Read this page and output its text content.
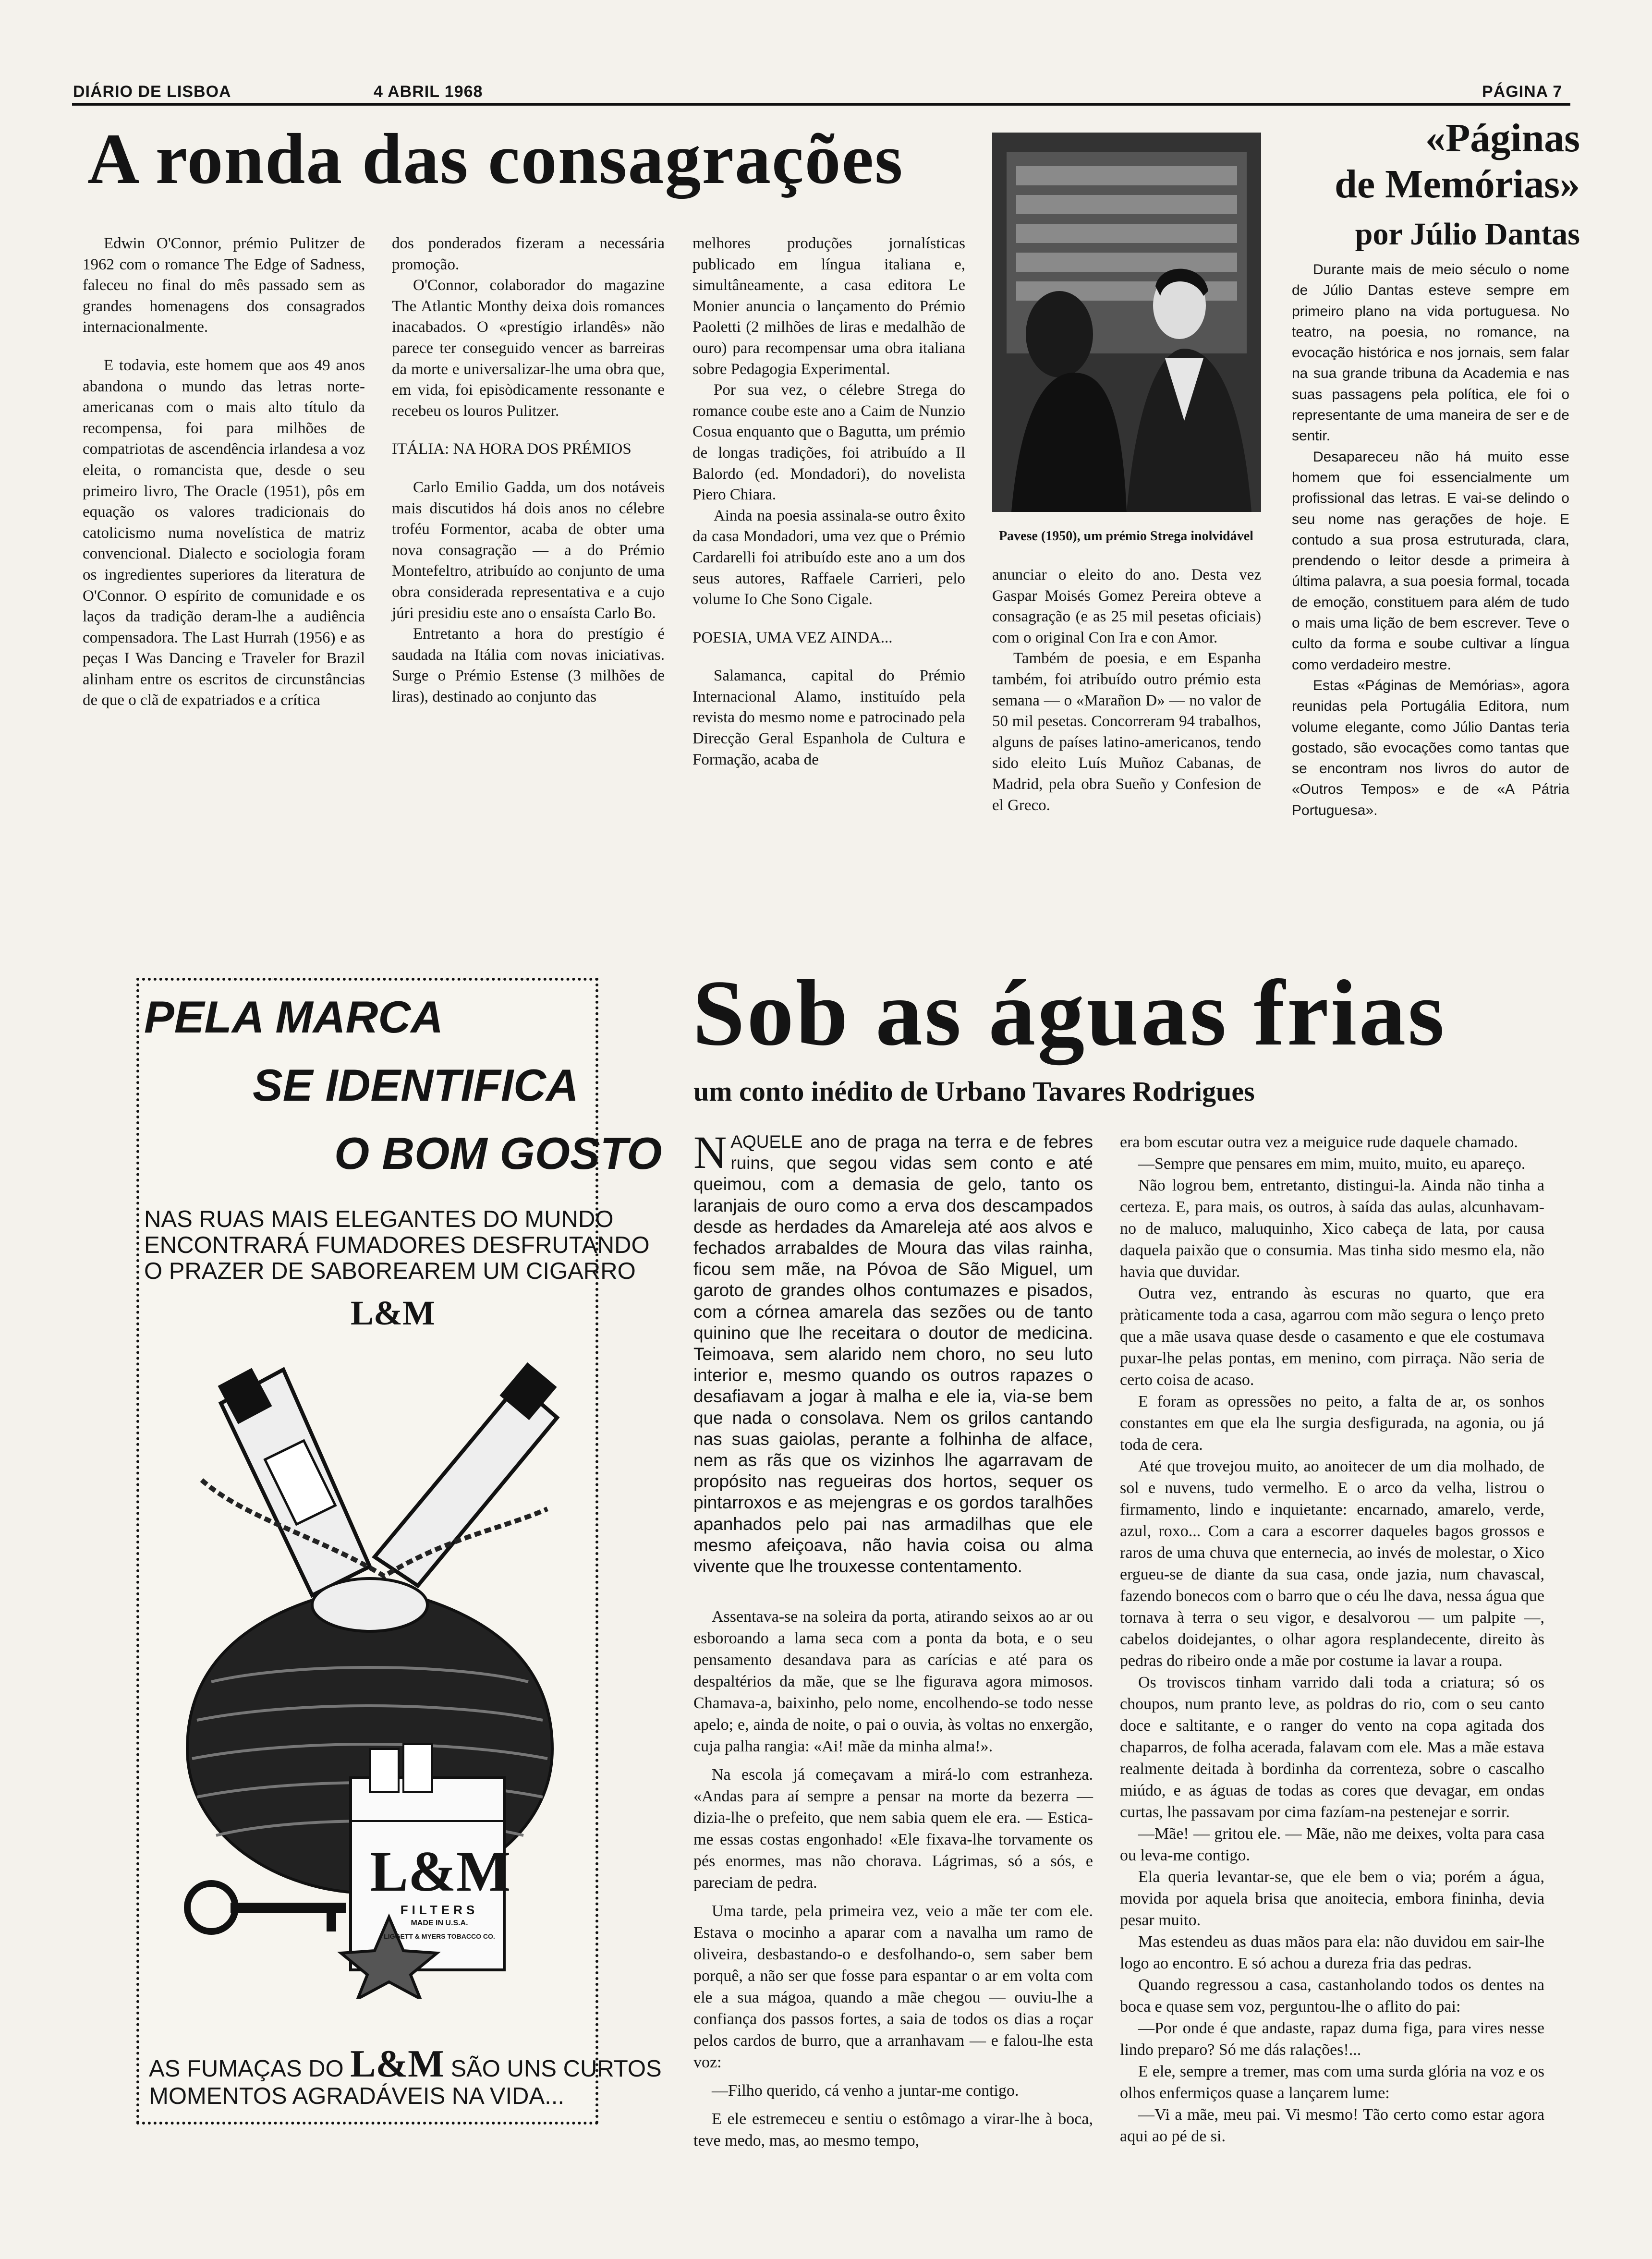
DIÁRIO DE LISBOA	4 ABRIL 1968	PÁGINA 7
A ronda das consagrações

Edwin O'Connor, prémio Pulitzer de 1962 com o romance The Edge of Sadness, faleceu no final do mês passado sem as grandes homenagens dos consagrados internacionalmente.

E todavia, este homem que aos 49 anos abandona o mundo das letras norte-americanas com o mais alto título da recompensa, foi para milhões de compatriotas de ascendência irlandesa a voz eleita, o romancista que, desde o seu primeiro livro, The Oracle (1951), pôs em equação os valores tradicionais do catolicismo numa novelística de matriz convencional. Dialecto e sociologia foram os ingredientes superiores da literatura de O'Connor. O espírito de comunidade e os laços da tradição deram-lhe a audiência compensadora. The Last Hurrah (1956) e as peças I Was Dancing e Traveler for Brazil alinham entre os escritos de circunstâncias de que o clã de expatriados e a crítica

dos ponderados fizeram a necessária promoção.

O'Connor, colaborador do magazine The Atlantic Monthy deixa dois romances inacabados. O «prestígio irlandês» não parece ter conseguido vencer as barreiras da morte e universalizar-lhe uma obra que, em vida, foi episòdicamente ressonante e recebeu os louros Pulitzer.

ITÁLIA: NA HORA DOS PRÉMIOS

Carlo Emilio Gadda, um dos notáveis mais discutidos há dois anos no célebre troféu Formentor, acaba de obter uma nova consagração — a do Prémio Montefeltro, atribuído ao conjunto de uma obra considerada representativa e a cujo júri presidiu este ano o ensaísta Carlo Bo.

Entretanto a hora do prestígio é saudada na Itália com novas iniciativas. Surge o Prémio Estense (3 milhões de liras), destinado ao conjunto das

melhores produções jornalísticas publicado em língua italiana e, simultâneamente, a casa editora Le Monier anuncia o lançamento do Prémio Paoletti (2 milhões de liras e medalhão de ouro) para recompensar uma obra italiana sobre Pedagogia Experimental.

Por sua vez, o célebre Strega do romance coube este ano a Caim de Nunzio Cosua enquanto que o Bagutta, um prémio de longas tradições, foi atribuído a Il Balordo (ed. Mondadori), do novelista Piero Chiara.

Ainda na poesia assinala-se outro êxito da casa Mondadori, uma vez que o Prémio Cardarelli foi atribuído este ano a um dos seus autores, Raffaele Carrieri, pelo volume Io Che Sono Cigale.

POESIA, UMA VEZ AINDA...

Salamanca, capital do Prémio Internacional Alamo, instituído pela revista do mesmo nome e patrocinado pela Direcção Geral Espanhola de Cultura e Formação, acaba de

Pavese (1950), um prémio Strega inolvidável

anunciar o eleito do ano. Desta vez Gaspar Moisés Gomez Pereira obteve a consagração (e as 25 mil pesetas oficiais) com o original Con Ira e con Amor.

Também de poesia, e em Espanha também, foi atribuído outro prémio esta semana — o «Marañon D» — no valor de 50 mil pesetas. Concorreram 94 trabalhos, alguns de países latino-americanos, tendo sido eleito Luís Muñoz Cabanas, de Madrid, pela obra Sueño y Confesion de el Greco.

«Páginas
de Memórias»
por Júlio Dantas

Durante mais de meio século o nome de Júlio Dantas esteve sempre em primeiro plano na vida portuguesa. No teatro, na poesia, no romance, na evocação histórica e nos jornais, sem falar na sua grande tribuna da Academia e nas suas passagens pela política, ele foi o representante de uma maneira de ser e de sentir.

Desapareceu não há muito esse homem que foi essencialmente um profissional das letras. E vai-se delindo o seu nome nas gerações de hoje. E contudo a sua prosa estruturada, clara, prendendo o leitor desde a primeira à última palavra, a sua poesia formal, tocada de emoção, constituem para além de tudo o mais uma lição de bem escrever. Teve o culto da forma e soube cultivar a língua como verdadeiro mestre.

Estas «Páginas de Memórias», agora reunidas pela Portugália Editora, num volume elegante, como Júlio Dantas teria gostado, são evocações como tantas que se encontram nos livros do autor de «Outros Tempos» e de «A Pátria Portuguesa».

PELA MARCA
SE IDENTIFICA
O BOM GOSTO
NAS RUAS MAIS ELEGANTES DO MUNDO
ENCONTRARÁ FUMADORES DESFRUTANDO
O PRAZER DE SABOREAREM UM CIGARRO
L&M
L&M
FILTERS
MADE IN U.S.A.
LIGGETT & MYERS TOBACCO CO.
AS FUMAÇAS DO L&M SÃO UNS CURTOS
MOMENTOS AGRADÁVEIS NA VIDA...
Sob as águas frias
um conto inédito de Urbano Tavares Rodrigues

NAQUELE ano de praga na terra e de febres ruins, que segou vidas sem conto e até queimou, com a demasia de gelo, tanto os laranjais de ouro como a erva dos descampados desde as herdades da Amareleja até aos alvos e fechados arrabaldes de Moura das vilas rainha, ficou sem mãe, na Póvoa de São Miguel, um garoto de grandes olhos contumazes e pisados, com a córnea amarela das sezões ou de tanto quinino que lhe receitara o doutor de medicina. Teimoava, sem alarido nem choro, no seu luto interior e, mesmo quando os outros rapazes o desafiavam a jogar à malha e ele ia, via-se bem que nada o consolava. Nem os grilos cantando nas suas gaiolas, perante a folhinha de alface, nem as rãs que os vizinhos lhe agarravam de propósito nas regueiras dos hortos, sequer os pintarroxos e as mejengras e os gordos taralhões apanhados pelo pai nas armadilhas que ele mesmo afeiçoava, não havia coisa ou alma vivente que lhe trouxesse contentamento.

Assentava-se na soleira da porta, atirando seixos ao ar ou esboroando a lama seca com a ponta da bota, e o seu pensamento desandava para as carícias e até para os despaltérios da mãe, que se lhe figurava agora mimosos. Chamava-a, baixinho, pelo nome, encolhendo-se todo nesse apelo; e, ainda de noite, o pai o ouvia, às voltas no enxergão, cuja palha rangia: «Ai! mãe da minha alma!».

Na escola já começavam a mirá-lo com estranheza. «Andas para aí sempre a pensar na morte da bezerra — dizia-lhe o prefeito, que nem sabia quem ele era. — Estica-me essas costas engonhado! «Ele fixava-lhe torvamente os pés enormes, mas não chorava. Lágrimas, só a sós, e pareciam de pedra.

Uma tarde, pela primeira vez, veio a mãe ter com ele. Estava o mocinho a aparar com a navalha um ramo de oliveira, desbastando-o e desfolhando-o, sem saber bem porquê, a não ser que fosse para espantar o ar em volta com ele a sua mágoa, quando a mãe chegou — ouviu-lhe a confiança dos passos fortes, a saia de todos os dias a roçar pelos cardos de burro, que a arranhavam — e falou-lhe esta voz:

—Filho querido, cá venho a juntar-me contigo.

E ele estremeceu e sentiu o estômago a virar-lhe à boca, teve medo, mas, ao mesmo tempo,

era bom escutar outra vez a meiguice rude daquele chamado.

—Sempre que pensares em mim, muito, muito, eu apareço.

Não logrou bem, entretanto, distingui-la. Ainda não tinha a certeza. E, para mais, os outros, à saída das aulas, alcunhavam-no de maluco, maluquinho, Xico cabeça de lata, por causa daquela paixão que o consumia. Mas tinha sido mesmo ela, não havia que duvidar.

Outra vez, entrando às escuras no quarto, que era pràticamente toda a casa, agarrou com mão segura o lenço preto que a mãe usava quase desde o casamento e que ele costumava puxar-lhe pelas pontas, em menino, com pirraça. Não seria de certo coisa de acaso.

E foram as opressões no peito, a falta de ar, os sonhos constantes em que ela lhe surgia desfigurada, na agonia, ou já toda de cera.

Até que trovejou muito, ao anoitecer de um dia molhado, de sol e nuvens, tudo vermelho. E o arco da velha, listrou o firmamento, lindo e inquietante: encarnado, amarelo, verde, azul, roxo... Com a cara a escorrer daqueles bagos grossos e raros de uma chuva que enternecia, ao invés de molestar, o Xico ergueu-se de diante da sua casa, onde jazia, num chavascal, fazendo bonecos com o barro que o céu lhe dava, nessa água que tornava à terra o seu vigor, e desalvorou — um palpite —, cabelos doidejantes, o olhar agora resplandecente, direito às pedras do ribeiro onde a mãe por costume ia lavar a roupa.

Os troviscos tinham varrido dali toda a criatura; só os choupos, num pranto leve, as poldras do rio, com o seu canto doce e saltitante, e o ranger do vento na copa agitada dos chaparros, de folha acerada, falavam com ele. Mas a mãe estava realmente deitada à bordinha da correnteza, sobre o cascalho miúdo, e as águas de todas as cores que devagar, em ondas curtas, lhe passavam por cima fazíam-na pestenejar e sorrir.

—Mãe! — gritou ele. — Mãe, não me deixes, volta para casa ou leva-me contigo.

Ela queria levantar-se, que ele bem o via; porém a água, movida por aquela brisa que anoitecia, embora fininha, devia pesar muito.

Mas estendeu as duas mãos para ela: não duvidou em sair-lhe logo ao encontro. E só achou a dureza fria das pedras.

Quando regressou a casa, castanholando todos os dentes na boca e quase sem voz, perguntou-lhe o aflito do pai:

—Por onde é que andaste, rapaz duma figa, para vires nesse lindo preparo? Só me dás ralações!...

E ele, sempre a tremer, mas com uma surda glória na voz e os olhos enfermiços quase a lançarem lume:

—Vi a mãe, meu pai. Vi mesmo! Tão certo como estar agora aqui ao pé de si.
